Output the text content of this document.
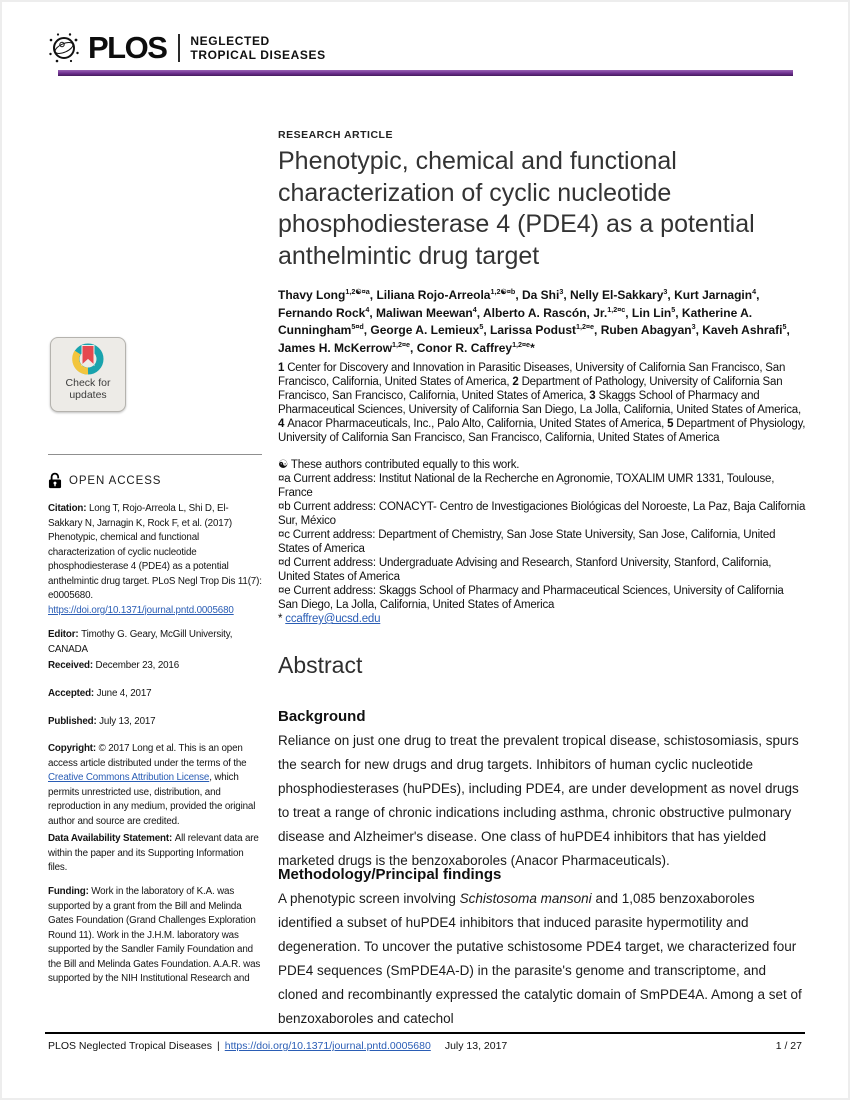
PLOS NEGLECTED
TROPICAL DISEASES
Check for
updates
OPEN ACCESS
Citation: Long T, Rojo-Arreola L, Shi D, El-Sakkary N, Jarnagin K, Rock F, et al. (2017) Phenotypic, chemical and functional characterization of cyclic nucleotide phosphodiesterase 4 (PDE4) as a potential anthelmintic drug target. PLoS Negl Trop Dis 11(7): e0005680. https://doi.org/10.1371/journal.pntd.0005680
Editor: Timothy G. Geary, McGill University, CANADA
Received: December 23, 2016
Accepted: June 4, 2017
Published: July 13, 2017
Copyright: © 2017 Long et al. This is an open access article distributed under the terms of the Creative Commons Attribution License, which permits unrestricted use, distribution, and reproduction in any medium, provided the original author and source are credited.
Data Availability Statement: All relevant data are within the paper and its Supporting Information files.
Funding: Work in the laboratory of K.A. was supported by a grant from the Bill and Melinda Gates Foundation (Grand Challenges Exploration Round 11). Work in the J.H.M. laboratory was supported by the Sandler Family Foundation and the Bill and Melinda Gates Foundation. A.A.R. was supported by the NIH Institutional Research and
RESEARCH ARTICLE
Phenotypic, chemical and functional characterization of cyclic nucleotide phosphodiesterase 4 (PDE4) as a potential anthelmintic drug target
Thavy Long$^{1,2☯¤a}$, Liliana Rojo-Arreola$^{1,2☯¤b}$, Da Shi$^3$, Nelly El-Sakkary$^3$, Kurt Jarnagin$^4$, Fernando Rock$^4$, Maliwan Meewan$^4$, Alberto A. Rascón, Jr.$^{1,2¤c}$, Lin Lin$^5$, Katherine A. Cunningham$^{5¤d}$, George A. Lemieux$^5$, Larissa Podust$^{1,2¤e}$, Ruben Abagyan$^3$, Kaveh Ashrafi$^5$, James H. McKerrow$^{1,2¤e}$, Conor R. Caffrey$^{1,2¤e}$*
1 Center for Discovery and Innovation in Parasitic Diseases, University of California San Francisco, San Francisco, California, United States of America, 2 Department of Pathology, University of California San Francisco, San Francisco, California, United States of America, 3 Skaggs School of Pharmacy and Pharmaceutical Sciences, University of California San Diego, La Jolla, California, United States of America, 4 Anacor Pharmaceuticals, Inc., Palo Alto, California, United States of America, 5 Department of Physiology, University of California San Francisco, San Francisco, California, United States of America
☯ These authors contributed equally to this work.
¤a Current address: Institut National de la Recherche en Agronomie, TOXALIM UMR 1331, Toulouse, France
¤b Current address: CONACYT- Centro de Investigaciones Biológicas del Noroeste, La Paz, Baja California Sur, México
¤c Current address: Department of Chemistry, San Jose State University, San Jose, California, United States of America
¤d Current address: Undergraduate Advising and Research, Stanford University, Stanford, California, United States of America
¤e Current address: Skaggs School of Pharmacy and Pharmaceutical Sciences, University of California San Diego, La Jolla, California, United States of America
* ccaffrey@ucsd.edu
Abstract
Background
Reliance on just one drug to treat the prevalent tropical disease, schistosomiasis, spurs the search for new drugs and drug targets. Inhibitors of human cyclic nucleotide phosphodiesterases (huPDEs), including PDE4, are under development as novel drugs to treat a range of chronic indications including asthma, chronic obstructive pulmonary disease and Alzheimer's disease. One class of huPDE4 inhibitors that has yielded marketed drugs is the benzoxaboroles (Anacor Pharmaceuticals).
Methodology/Principal findings
A phenotypic screen involving Schistosoma mansoni and 1,085 benzoxaboroles identified a subset of huPDE4 inhibitors that induced parasite hypermotility and degeneration. To uncover the putative schistosome PDE4 target, we characterized four PDE4 sequences (SmPDE4A-D) in the parasite's genome and transcriptome, and cloned and recombinantly expressed the catalytic domain of SmPDE4A. Among a set of benzoxaboroles and catechol
PLOS Neglected Tropical Diseases | https://doi.org/10.1371/journal.pntd.0005680 July 13, 2017	1 / 27
